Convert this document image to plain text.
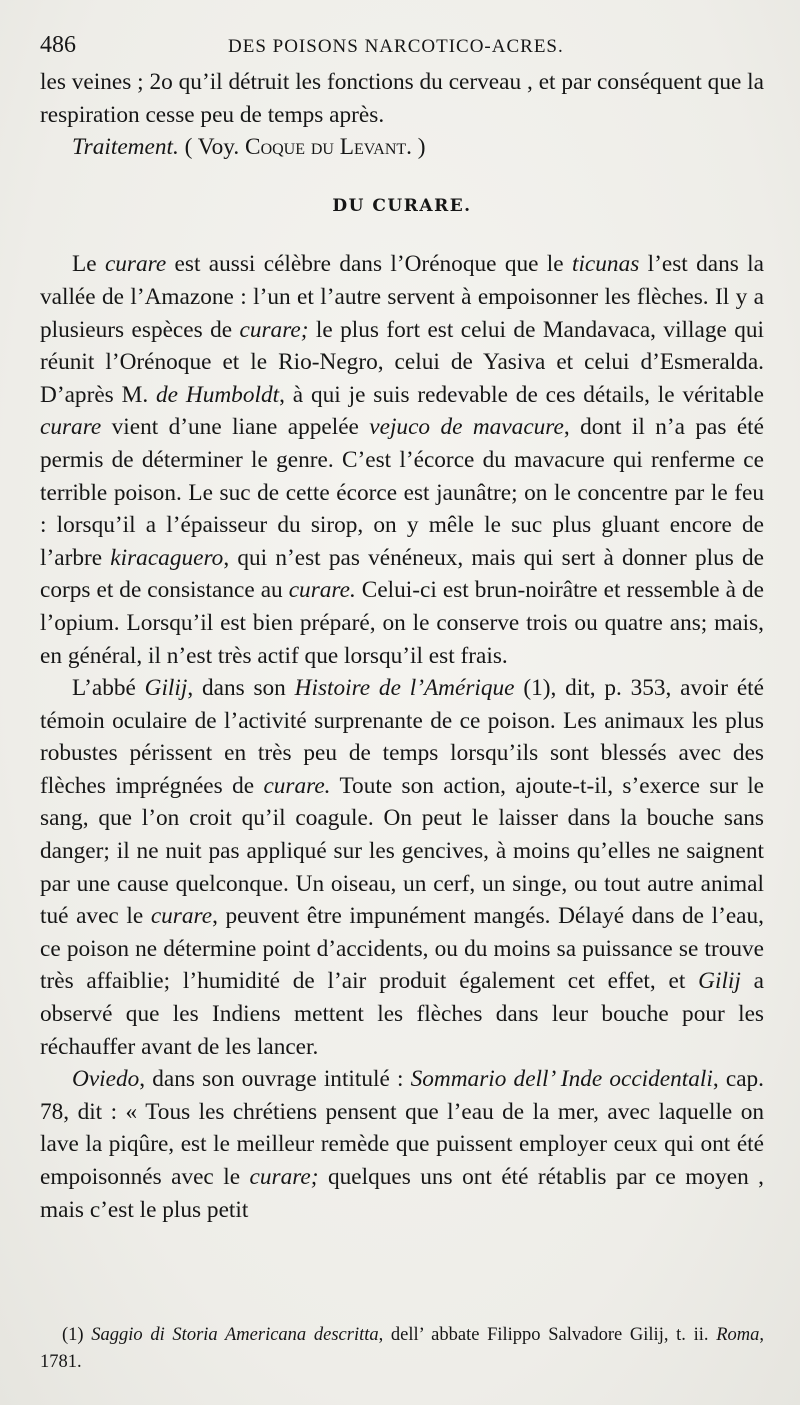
486	DES POISONS NARCOTICO-ACRES.

les veines ; 2o qu’il détruit les fonctions du cerveau , et par conséquent que la respiration cesse peu de temps après.

Traitement. ( Voy. Coque du Levant. )

DU CURARE.

Le curare est aussi célèbre dans l’Orénoque que le ticunas l’est dans la vallée de l’Amazone : l’un et l’autre servent à empoisonner les flèches. Il y a plusieurs espèces de curare; le plus fort est celui de Mandavaca, village qui réunit l’Orénoque et le Rio-Negro, celui de Yasiva et celui d’Esmeralda. D’après M. de Humboldt, à qui je suis redevable de ces détails, le véritable curare vient d’une liane appelée vejuco de mavacure, dont il n’a pas été permis de déterminer le genre. C’est l’écorce du mavacure qui renferme ce terrible poison. Le suc de cette écorce est jaunâtre; on le concentre par le feu : lorsqu’il a l’épaisseur du sirop, on y mêle le suc plus gluant encore de l’arbre kiracaguero, qui n’est pas vénéneux, mais qui sert à donner plus de corps et de consistance au curare. Celui-ci est brun-noirâtre et ressemble à de l’opium. Lorsqu’il est bien préparé, on le conserve trois ou quatre ans; mais, en général, il n’est très actif que lorsqu’il est frais.

L’abbé Gilij, dans son Histoire de l’Amérique (1), dit, p. 353, avoir été témoin oculaire de l’activité surprenante de ce poison. Les animaux les plus robustes périssent en très peu de temps lorsqu’ils sont blessés avec des flèches imprégnées de curare. Toute son action, ajoute-t-il, s’exerce sur le sang, que l’on croit qu’il coagule. On peut le laisser dans la bouche sans danger; il ne nuit pas appliqué sur les gencives, à moins qu’elles ne saignent par une cause quelconque. Un oiseau, un cerf, un singe, ou tout autre animal tué avec le curare, peuvent être impunément mangés. Délayé dans de l’eau, ce poison ne détermine point d’accidents, ou du moins sa puissance se trouve très affaiblie; l’humidité de l’air produit également cet effet, et Gilij a observé que les Indiens mettent les flèches dans leur bouche pour les réchauffer avant de les lancer.

Oviedo, dans son ouvrage intitulé : Sommario dell’ Inde occidentali, cap. 78, dit : « Tous les chrétiens pensent que l’eau de la mer, avec laquelle on lave la piqûre, est le meilleur remède que puissent employer ceux qui ont été empoisonnés avec le curare; quelques uns ont été rétablis par ce moyen , mais c’est le plus petit

(1) Saggio di Storia Americana descritta, dell’ abbate Filippo Salvadore Gilij, t. ii. Roma, 1781.
